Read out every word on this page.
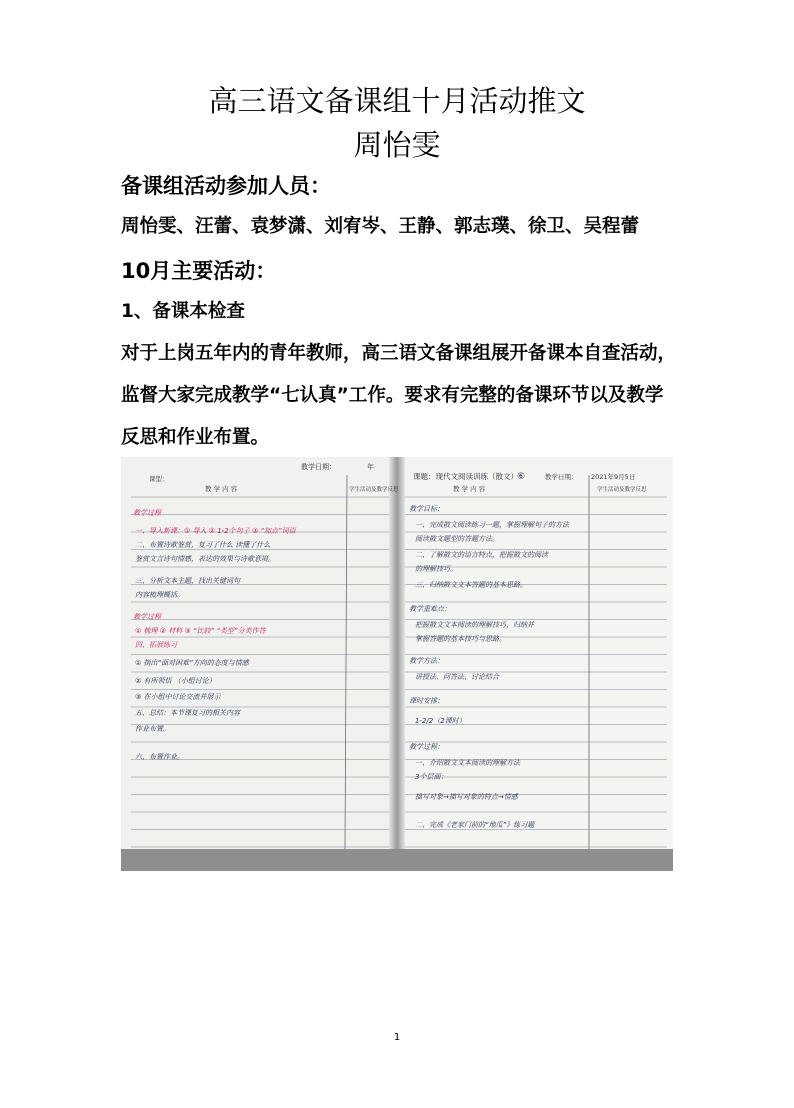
高三语文备课组十月活动推文
周怡雯
备课组活动参加人员：
周怡雯、汪蕾、袁梦潇、刘宥岑、王静、郭志璞、徐卫、吴程蕾
10月主要活动：
1、备课本检查
对于上岗五年内的青年教师，高三语文备课组展开备课本自查活动，
监督大家完成教学“七认真”工作。要求有完整的备课环节以及教学
反思和作业布置。
教学日期：	年
课型：
教 学 内 容	学生活动及教学反思
教学过程
一、导入新课：① 导入 ② 1-2个句子 ③ “加点”词语
二、布置诗歌鉴赏，复习了什么 读懂了什么
鉴赏文言诗句情感，表达的效果与诗歌意境。
三、分析文本主题，找出关键词句
内容梳理概括。
教学过程
① 梳理 ② 材料 ③ “比较” “类型”分类作答
四、拓展练习
① 指出“面对困难”方向的态度与情感
② 有所领悟 （小组讨论）
③ 在小组中讨论交流并展示
五、总结：本节课复习的相关内容
作业布置。
六、布置作业。
课题：现代文阅读训练（散文） ⑥	教学日期： 2021年9月5日
教 学 内 容	学生活动及教学反思
教学目标：
一、完成散文阅读练习一题，掌握理解句子的方法
阅读散文题型的答题方法。
二、了解散文的语言特点，把握散文的阅读
的理解技巧。
三、归纳散文文本答题的基本思路。
教学重难点：
把握散文文本阅读的理解技巧，归纳并
掌握答题的基本技巧与思路。
教学方法：
讲授法、问答法、讨论结合
课时安排：
1-2/2（2课时）
教学过程：
一、介绍散文文本阅读的理解方法
3个层面：
描写对象→描写对象的特点→情感
二、完成《老家门前的“地瓜”》练习题
1
